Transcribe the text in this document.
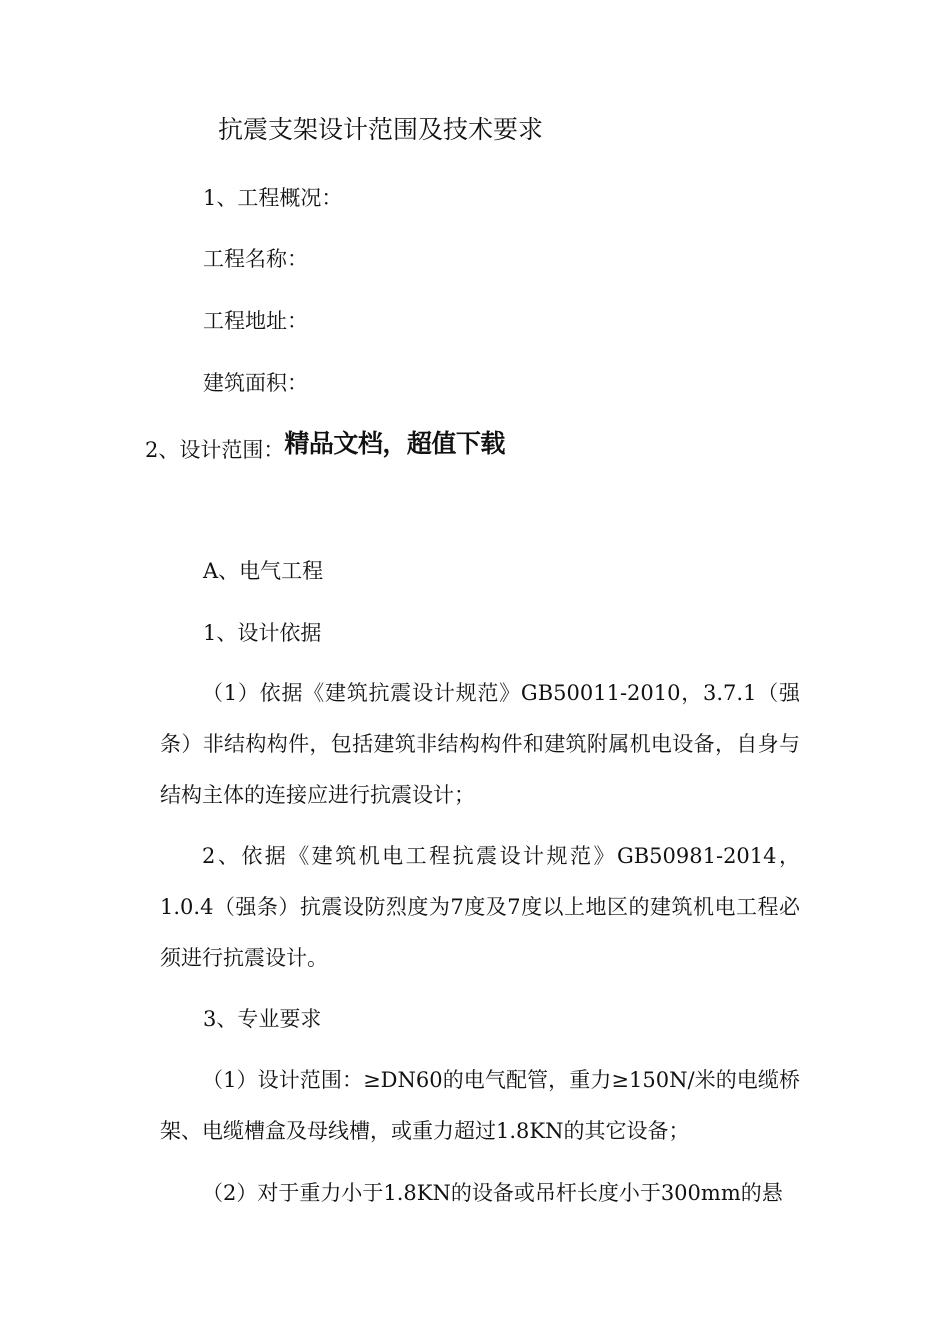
抗震支架设计范围及技术要求
1、工程概况：
工程名称：
工程地址：
建筑面积：
2、设计范围：精品文档，超值下载
A、电气工程
1、设计依据
（1）依据《建筑抗震设计规范》GB50011-2010，3.7.1（强条）非结构构件，包括建筑非结构构件和建筑附属机电设备，自身与结构主体的连接应进行抗震设计；
2、依据《建筑机电工程抗震设计规范》GB50981-2014，1.0.4（强条）抗震设防烈度为7度及7度以上地区的建筑机电工程必须进行抗震设计。
3、专业要求
（1）设计范围：≥DN60的电气配管，重力≥150N/米的电缆桥架、电缆槽盒及母线槽，或重力超过1.8KN的其它设备；
（2）对于重力小于1.8KN的设备或吊杆长度小于300mm的悬
